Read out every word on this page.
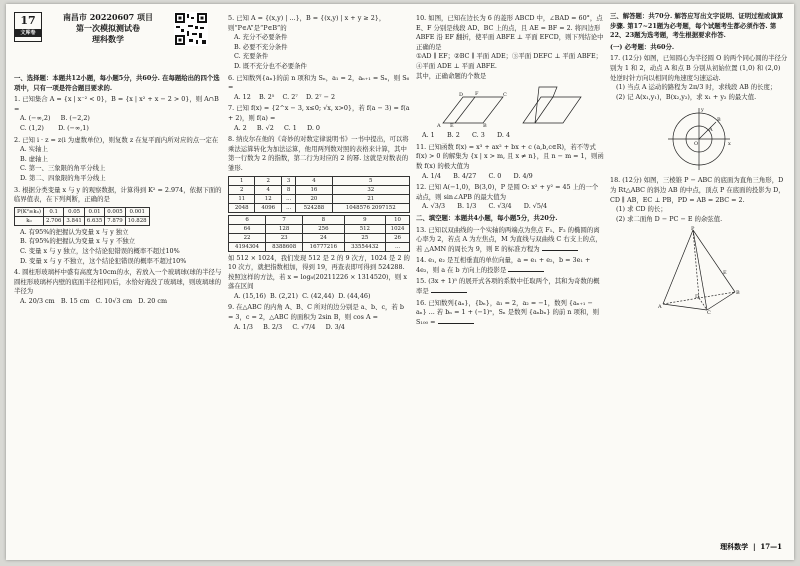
17
文库卷
南昌市 20220607 项目
第一次模拟测试卷
理科数学
一、选择题：本题共12小题，每小题5分，共60分. 在每题给出的四个选项中，只有一项是符合题目要求的.
1. 已知集合 A = {x | x⁻² < 0}，B = {x | x² + x − 2 > 0}，则 A∩B =
A. (−∞,2) B. (−2,2)
C. (1,2) D. (−∞,1)
2. 已知 i · z = z(i 为虚数单位)，则复数 z 在复平面内所对应的点一定在
A. 实轴上
B. 虚轴上
C. 第一、三象限的角平分线上
D. 第二、四象限的角平分线上
3. 根据分类变量 x 与 y 的观察数据，计算得到 K² = 2.974，依据下面的临界值表，在下列判断，正确的是
P(K²≥k₀)	0.1	0.05	0.01	0.005	0.001
k₀	2.706	3.841	6.635	7.879	10.828
A. 有95%的把握认为变量 x 与 y 独立
B. 有95%的把握认为变量 x 与 y 不独立
C. 变量 x 与 y 独立，这个结论犯错误的概率不超过10%
D. 变量 x 与 y 不独立，这个结论犯错误的概率不超过10%
4. 圆柱形玻璃杯中盛有高度为10cm的水，若放入一个玻璃球(球的半径与圆柱形玻璃杯内壁的底面半径相同)后，水恰好淹没了玻璃球，则玻璃球的半径为
A. 20/3 cm B. 15 cm C. 10√3 cm D. 20 cm
5. 已知 A = {(x,y) | ...}，B = {(x,y) | x + y ≥ 2}，则“P∈A”是“P∈B”的
A. 充分不必要条件
B. 必要不充分条件
C. 充要条件
D. 既不充分也不必要条件
6. 已知数列{aₙ}的前 n 项和为 Sₙ，a₁ = 2，aₙ₊₁ = Sₙ，则 S₆ =
A. 12 B. 2⁵ C. 2⁷ D. 2⁷ − 2
7. 已知 f(x) = {2^x − 3, x≤0; √x, x>0}，若 f(a − 3) = f(a + 2)，则 f(a) =
A. 2 B. √2 C. 1 D. 0
8. 纳皮尔在他的《奇妙的对数定律说明书》一书中提出，可以将乘法运算转化为加法运算，他用两列数对照的表格来计算，其中第一行数为 2 的指数，第二行为对应的 2 的幂. 这就是对数表的雏形.
1	2	3	4	5
2	4	8	16	32
11	12	...	20	21
2048	4096	...	524288	1048576 2097152
6	7	8	9	10
64	128	256	512	1024
22	23	24	25	26
4194304	8388608	16777216	33554432	...
如 512 × 1024，我们发现 512 是 2 的 9 次方，1024 是 2 的 10 次方，就把指数相加，得到 19，再查表即可得到 524288. 按照这样的方法，若 x = log₈(20211226 × 1314520)，则 x 落在区间
A. (15,16) B. (2,21) C. (42,44) D. (44,46)
9. 在△ABC 的内角 A、B、C 所对的边分别是 a、b、c，若 b = 3，c = 2，△ABC 的面积为 2sin B，则 cos A =
A. 1/3 B. 2/3 C. √7/4 D. 3/4
10. 如图，已知在边长为 6 的菱形 ABCD 中，∠BAD = 60°，点 E、F 分别是线段 AD、BC 上的点，且 AE = BF = 2. 将四边形 ABFE 沿 EF 翻折，使平面 ABFE ⊥ 平面 EFCD，则下列结论中正确的是
①AD ∥ EF；②BC ∥ 平面 ADE；③平面 DEFC ⊥ 平面 ABFE；④平面 ADE ⊥ 平面 ABFE.
其中，正确命题的个数是
A	B
C
D
E
F
A. 1 B. 2 C. 3 D. 4
11. 已知函数 f(x) = x³ + ax² + bx + c (a,b,c∈R)，若不等式 f(x) > 0 的解集为 {x | x > m, 且 x ≠ n}，且 n − m = 1，则函数 f(x) 的极大值为
A. 1/4 B. 4/27 C. 0 D. 4/9
12. 已知 A(−1,0)，B(3,0)，P 是圆 O: x² + y² = 45 上的一个动点，则 sin∠APB 的最大值为
A. √3/3 B. 1/3 C. √3/4 D. √5/4
二、填空题：本题共4小题，每小题5分，共20分.
13. 已知以双曲线的一个实轴的两端点为焦点 F₁、F₂ 的椭圆的离心率为 2，若点 A 为左焦点，M 为直线与双曲线 C 右支上的点，若 △AMN 的周长为 9，则 E 的标准方程为
14. e₁, e₂ 是互相垂直的单位向量，a = e₁ + e₂，b = 3e₁ + 4e₂，则 a 在 b 方向上的投影是
15. (3x + 1)⁵ 的展开式各项的系数中任取两个，其和为奇数的概率是
16. 已知数列{aₙ}，{bₙ}，a₁ = 2，a₂ = −1，数列 {aₙ₊₁ − aₙ} ... 若 bₙ = 1 + (−1)ⁿ，Sₙ 是数列 {aₙbₙ} 的前 n 项和，则 S₁₀₀ =
三、解答题：共70分. 解答应写出文字说明、证明过程或演算步骤. 第17~21题为必考题，每个试题考生都必须作答. 第22、23题为选考题，考生根据要求作答.
(一) 必考题：共60分.
17. (12分) 如图，已知圆心为半径圆 O 的两个同心圆的半径分别为 1 和 2，动点 A 和点 B 分别从初始位置 (1,0) 和 (2,0) 处逆时针方向以相同的角速度匀速运动.
(1) 当点 A 运动的路程为 2π/3 时，求线段 AB 的长度；
(2) 记 A(x₁,y₁)，B(x₂,y₂)，求 x₁ + y₂ 的最大值.
O	x
y
A
B
18. (12分) 如图，三棱锥 P − ABC 的底面为直角三角形，D 为 Rt△ABC 的斜边 AB 的中点，顶点 P 在底面的投影为 D，CD ∥ AB，EC ⊥ PB，PD = AB = 2BC = 2.
(1) 求 CD 的长；
(2) 求二面角 D − PC − E 的余弦值.
P
A
B
C
D
E
理科数学  |  17—1
